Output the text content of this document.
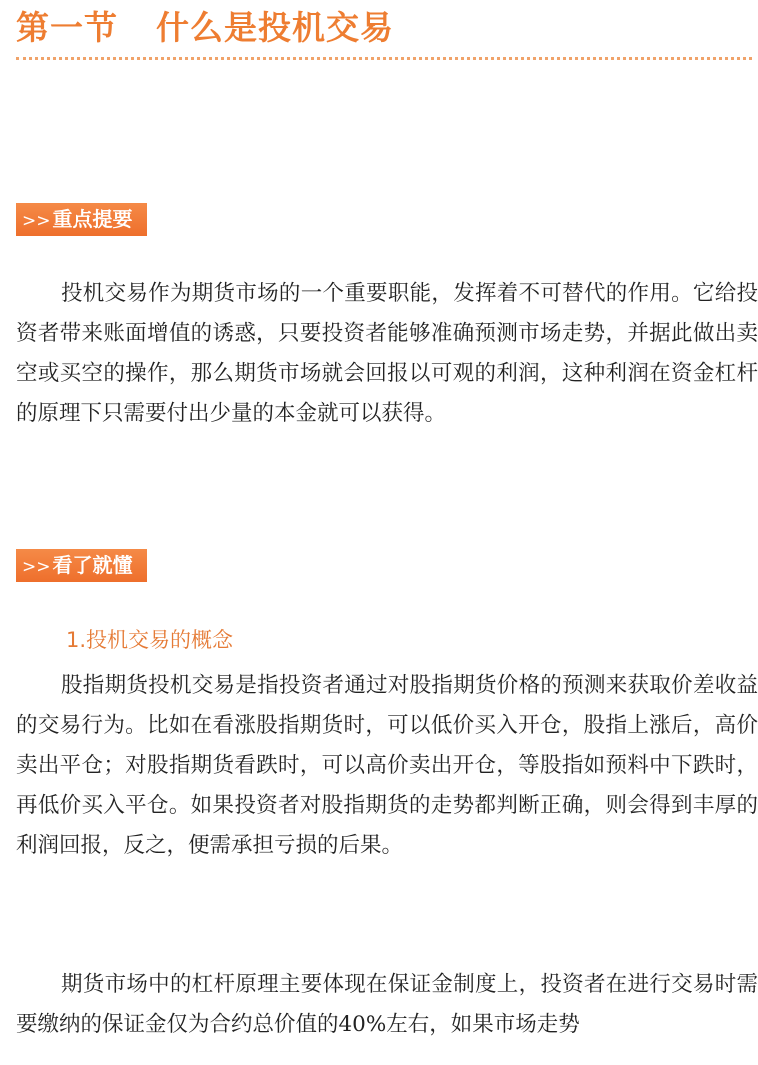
第一节 什么是投机交易
>> 重点提要

投机交易作为期货市场的一个重要职能，发挥着不可替代的作用。它给投资者带来账面增值的诱惑，只要投资者能够准确预测市场走势，并据此做出卖空或买空的操作，那么期货市场就会回报以可观的利润，这种利润在资金杠杆的原理下只需要付出少量的本金就可以获得。

>> 看了就懂
1.投机交易的概念

股指期货投机交易是指投资者通过对股指期货价格的预测来获取价差收益的交易行为。比如在看涨股指期货时，可以低价买入开仓，股指上涨后，高价卖出平仓；对股指期货看跌时，可以高价卖出开仓，等股指如预料中下跌时，再低价买入平仓。如果投资者对股指期货的走势都判断正确，则会得到丰厚的利润回报，反之，便需承担亏损的后果。

期货市场中的杠杆原理主要体现在保证金制度上，投资者在进行交易时需要缴纳的保证金仅为合约总价值的40%左右，如果市场走势
